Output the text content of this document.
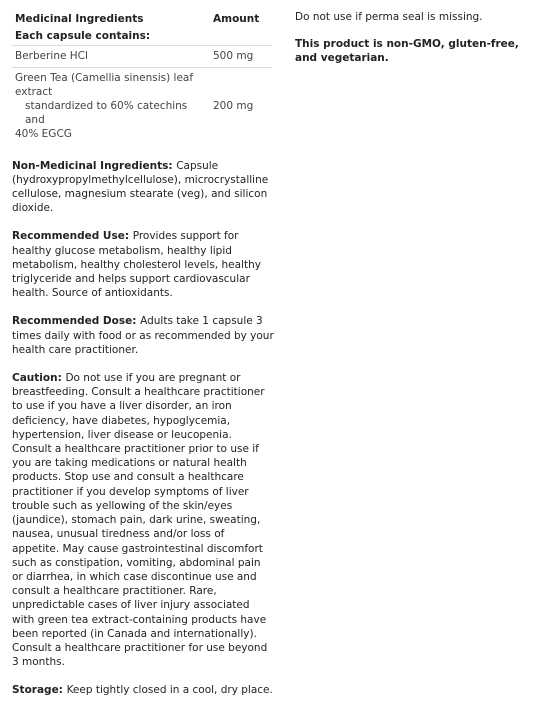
Medicinal Ingredients	Amount
Each capsule contains:	
Berberine HCl	500 mg

Green Tea (Camellia sinensis) leaf extract
standardized to 60% catechins and
40% EGCG	200 mg
Non-Medicinal Ingredients: Capsule (hydroxypropylmethylcellulose), microcrystalline cellulose, magnesium stearate (veg), and silicon dioxide.
Recommended Use: Provides support for healthy glucose metabolism, healthy lipid metabolism, healthy cholesterol levels, healthy triglyceride and helps support cardiovascular health. Source of antioxidants.
Recommended Dose: Adults take 1 capsule 3 times daily with food or as recommended by your health care practitioner.
Caution: Do not use if you are pregnant or breastfeeding. Consult a healthcare practitioner to use if you have a liver disorder, an iron deficiency, have diabetes, hypoglycemia, hypertension, liver disease or leucopenia. Consult a healthcare practitioner prior to use if you are taking medications or natural health products. Stop use and consult a healthcare practitioner if you develop symptoms of liver trouble such as yellowing of the skin/eyes (jaundice), stomach pain, dark urine, sweating, nausea, unusual tiredness and/or loss of appetite. May cause gastrointestinal discomfort such as constipation, vomiting, abdominal pain or diarrhea, in which case discontinue use and consult a healthcare practitioner. Rare, unpredictable cases of liver injury associated with green tea extract-containing products have been reported (in Canada and internationally). Consult a healthcare practitioner for use beyond 3 months.
Storage: Keep tightly closed in a cool, dry place.

Do not use if perma seal is missing.

This product is non-GMO, gluten-free, and vegetarian.
